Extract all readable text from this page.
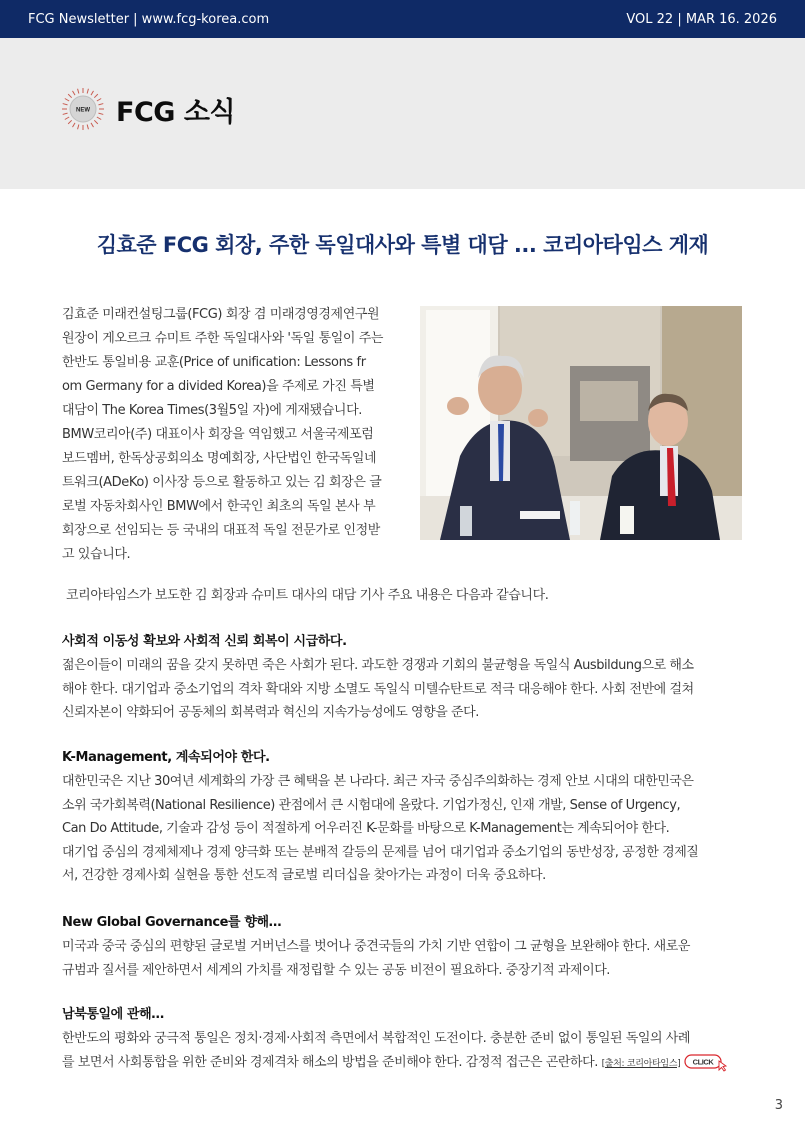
FCG Newsletter | www.fcg-korea.com	VOL 22 | MAR 16. 2026
NEW FCG 소식
김효준 FCG 회장, 주한 독일대사와 특별 대담 ... 코리아타임스 게재
김효준 미래컨설팅그룹(FCG) 회장 겸 미래경영경제연구원
원장이 게오르크 슈미트 주한 독일대사와 '독일 통일이 주는
한반도 통일비용 교훈(Price of unification: Lessons fr
om Germany for a divided Korea)을 주제로 가진 특별
대담이 The Korea Times(3월5일 자)에 게재됐습니다.
BMW코리아(주) 대표이사 회장을 역임했고 서울국제포럼
보드멤버, 한독상공회의소 명예회장, 사단법인 한국독일네
트워크(ADeKo) 이사장 등으로 활동하고 있는 김 회장은 글
로벌 자동차회사인 BMW에서 한국인 최초의 독일 본사 부
회장으로 선임되는 등 국내의 대표적 독일 전문가로 인정받
고 있습니다.
코리아타임스가 보도한 김 회장과 슈미트 대사의 대담 기사 주요 내용은 다음과 같습니다.
사회적 이동성 확보와 사회적 신뢰 회복이 시급하다.

젊은이들이 미래의 꿈을 갖지 못하면 죽은 사회가 된다. 과도한 경쟁과 기회의 불균형을 독일식 Ausbildung으로 해소
해야 한다. 대기업과 중소기업의 격차 확대와 지방 소멸도 독일식 미텔슈탄트로 적극 대응해야 한다. 사회 전반에 걸쳐
신뢰자본이 약화되어 공동체의 회복력과 혁신의 지속가능성에도 영향을 준다.

K-Management, 계속되어야 한다.

대한민국은 지난 30여년 세계화의 가장 큰 혜택을 본 나라다. 최근 자국 중심주의화하는 경제 안보 시대의 대한민국은
소위 국가회복력(National Resilience) 관점에서 큰 시험대에 올랐다. 기업가정신, 인재 개발, Sense of Urgency,
Can Do Attitude, 기술과 감성 등이 적절하게 어우러진 K-문화를 바탕으로 K-Management는 계속되어야 한다.
대기업 중심의 경제체제나 경제 양극화 또는 분배적 갈등의 문제를 넘어 대기업과 중소기업의 동반성장, 공정한 경제질
서, 건강한 경제사회 실현을 통한 선도적 글로벌 리더십을 찾아가는 과정이 더욱 중요하다.

New Global Governance를 향해…

미국과 중국 중심의 편향된 글로벌 거버넌스를 벗어나 중견국들의 가치 기반 연합이 그 균형을 보완해야 한다. 새로운
규범과 질서를 제안하면서 세계의 가치를 재정립할 수 있는 공동 비전이 필요하다. 중장기적 과제이다.

남북통일에 관해…

한반도의 평화와 궁극적 통일은 정치·경제·사회적 측면에서 복합적인 도전이다. 충분한 준비 없이 통일된 독일의 사례
를 보면서 사회통합을 위한 준비와 경제격차 해소의 방법을 준비해야 한다. 감정적 접근은 곤란하다. [출처: 코리아타임스] CLICK

3
